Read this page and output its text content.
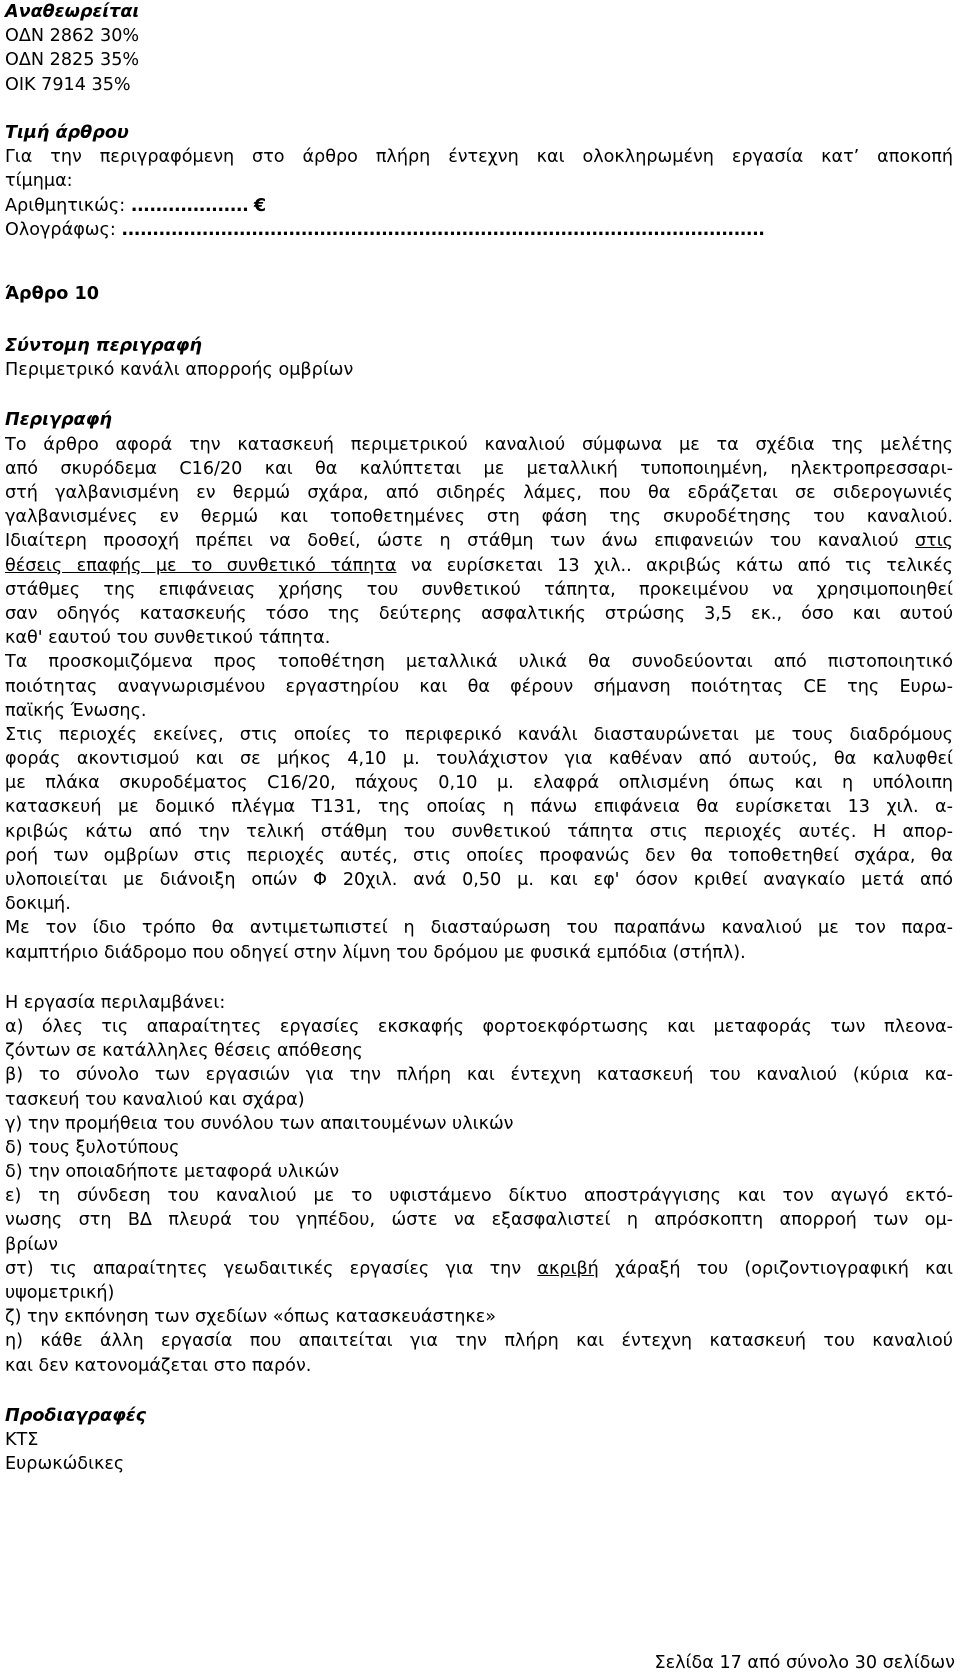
Αναθεωρείται
ΟΔΝ 2862 30%
ΟΔΝ 2825 35%
ΟΙΚ 7914 35%
Τιμή άρθρου
Για την περιγραφόμενη στο άρθρο πλήρη έντεχνη και ολοκληρωμένη εργασία κατ’ αποκοπή
τίμημα:
Αριθμητικώς: ................... €
Ολογράφως: ........................................................................................................
Άρθρο 10
Σύντομη περιγραφή
Περιμετρικό κανάλι απορροής ομβρίων
Περιγραφή
Το άρθρο αφορά την κατασκευή περιμετρικού καναλιού σύμφωνα με τα σχέδια της μελέτης
από σκυρόδεμα C16/20 και θα καλύπτεται με μεταλλική τυποποιημένη, ηλεκτροπρεσσαρι-
στή γαλβανισμένη εν θερμώ σχάρα, από σιδηρές λάμες, που θα εδράζεται σε σιδερογωνιές
γαλβανισμένες εν θερμώ και τοποθετημένες στη φάση της σκυροδέτησης του καναλιού.
Ιδιαίτερη προσοχή πρέπει να δοθεί, ώστε η στάθμη των άνω επιφανειών του καναλιού στις
θέσεις επαφής με το συνθετικό τάπητα να ευρίσκεται 13 χιλ.. ακριβώς κάτω από τις τελικές
στάθμες της επιφάνειας χρήσης του συνθετικού τάπητα, προκειμένου να χρησιμοποιηθεί
σαν οδηγός κατασκευής τόσο της δεύτερης ασφαλτικής στρώσης 3,5 εκ., όσο και αυτού
καθ' εαυτού του συνθετικού τάπητα.
Τα προσκομιζόμενα προς τοποθέτηση μεταλλικά υλικά θα συνοδεύονται από πιστοποιητικό
ποιότητας αναγνωρισμένου εργαστηρίου και θα φέρουν σήμανση ποιότητας CE της Ευρω-
παϊκής Ένωσης.
Στις περιοχές εκείνες, στις οποίες το περιφερικό κανάλι διασταυρώνεται με τους διαδρόμους
φοράς ακοντισμού και σε μήκος 4,10 μ. τουλάχιστον για καθέναν από αυτούς, θα καλυφθεί
με πλάκα σκυροδέματος C16/20, πάχους 0,10 μ. ελαφρά οπλισμένη όπως και η υπόλοιπη
κατασκευή με δομικό πλέγμα Τ131, της οποίας η πάνω επιφάνεια θα ευρίσκεται 13 χιλ. α-
κριβώς κάτω από την τελική στάθμη του συνθετικού τάπητα στις περιοχές αυτές. Η απορ-
ροή των ομβρίων στις περιοχές αυτές, στις οποίες προφανώς δεν θα τοποθετηθεί σχάρα, θα
υλοποιείται με διάνοιξη οπών Φ 20χιλ. ανά 0,50 μ. και εφ' όσον κριθεί αναγκαίο μετά από
δοκιμή.
Με τον ίδιο τρόπο θα αντιμετωπιστεί η διασταύρωση του παραπάνω καναλιού με τον παρα-
καμπτήριο διάδρομο που οδηγεί στην λίμνη του δρόμου με φυσικά εμπόδια (στήπλ).
Η εργασία περιλαμβάνει:
α) όλες τις απαραίτητες εργασίες εκσκαφής φορτοεκφόρτωσης και μεταφοράς των πλεονα-
ζόντων σε κατάλληλες θέσεις απόθεσης
β) το σύνολο των εργασιών για την πλήρη και έντεχνη κατασκευή του καναλιού (κύρια κα-
τασκευή του καναλιού και σχάρα)
γ) την προμήθεια του συνόλου των απαιτουμένων υλικών
δ) τους ξυλοτύπους
δ) την οποιαδήποτε μεταφορά υλικών
ε) τη σύνδεση του καναλιού με το υφιστάμενο δίκτυο αποστράγγισης και τον αγωγό εκτό-
νωσης στη ΒΔ πλευρά του γηπέδου, ώστε να εξασφαλιστεί η απρόσκοπτη απορροή των ομ-
βρίων
στ) τις απαραίτητες γεωδαιτικές εργασίες για την ακριβή χάραξή του (οριζοντιογραφική και
υψομετρική)
ζ) την εκπόνηση των σχεδίων «όπως κατασκευάστηκε»
η) κάθε άλλη εργασία που απαιτείται για την πλήρη και έντεχνη κατασκευή του καναλιού
και δεν κατονομάζεται στο παρόν.
Προδιαγραφές
ΚΤΣ
Ευρωκώδικες
Σελίδα 17 από σύνολο 30 σελίδων
